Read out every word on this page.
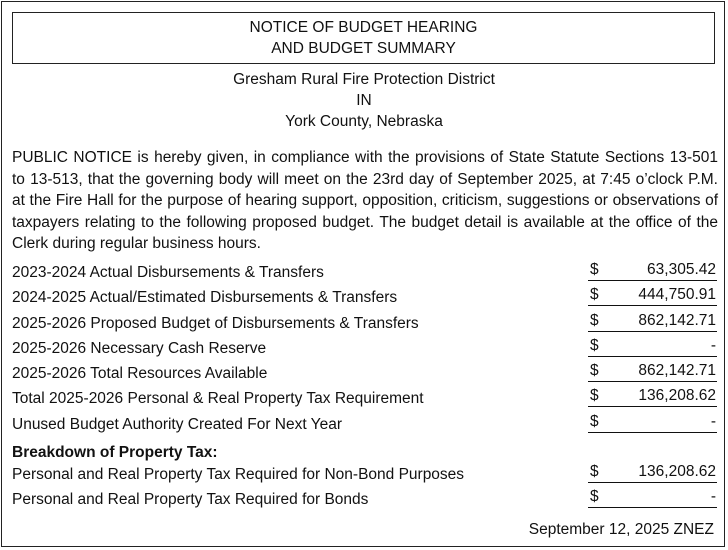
NOTICE OF BUDGET HEARING
AND BUDGET SUMMARY
Gresham Rural Fire Protection District
IN
York County, Nebraska
PUBLIC NOTICE is hereby given, in compliance with the provisions of State Statute Sections 13-501 to 13-513, that the governing body will meet on the 23rd day of September 2025, at 7:45 o’clock P.M. at the Fire Hall for the purpose of hearing support, opposition, criticism, suggestions or observations of taxpayers relating to the following proposed budget. The budget detail is available at the office of the Clerk during regular business hours.
2023-2024 Actual Disbursements & Transfers	$	63,305.42
2024-2025 Actual/Estimated Disbursements & Transfers	$	444,750.91
2025-2026 Proposed Budget of Disbursements & Transfers	$	862,142.71
2025-2026 Necessary Cash Reserve	$	-
2025-2026 Total Resources Available	$	862,142.71
Total 2025-2026 Personal & Real Property Tax Requirement	$	136,208.62
Unused Budget Authority Created For Next Year	$	-
Breakdown of Property Tax:
Personal and Real Property Tax Required for Non-Bond Purposes	$	136,208.62
Personal and Real Property Tax Required for Bonds	$	-
September 12, 2025 ZNEZ
